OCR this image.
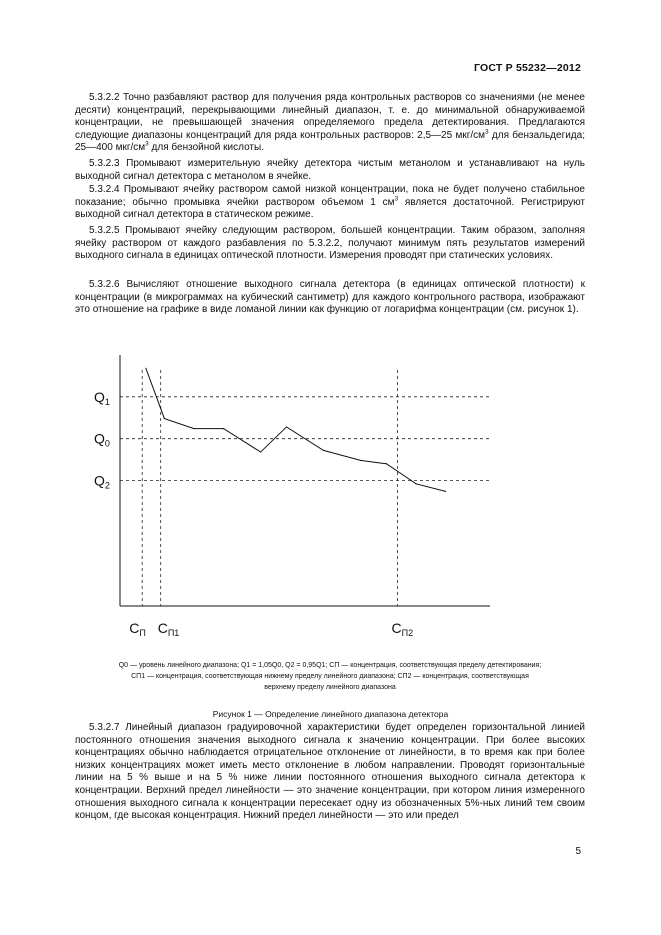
ГОСТ Р 55232—2012

5.3.2.2 Точно разбавляют раствор для получения ряда контрольных растворов со значениями (не менее десяти) концентраций, перекрывающими линейный диапазон, т. е. до минимальной обнаруживаемой концентрации, не превышающей значения определяемого предела детектирования. Предлагаются следующие диапазоны концентраций для ряда контрольных растворов: 2,5—25 мкг/$см^3$ для бензальдегида; 25—400 мкг/$см^3$ для бензойной кислоты.

5.3.2.3 Промывают измерительную ячейку детектора чистым метанолом и устанавливают на нуль выходной сигнал детектора с метанолом в ячейке.

5.3.2.4 Промывают ячейку раствором самой низкой концентрации, пока не будет получено стабильное показание; обычно промывка ячейки раствором объемом 1 $см^3$ является достаточной. Регистрируют выходной сигнал детектора в статическом режиме.

5.3.2.5 Промывают ячейку следующим раствором, большей концентрации. Таким образом, заполняя ячейку раствором от каждого разбавления по 5.3.2.2, получают минимум пять результатов измерений выходного сигнала в единицах оптической плотности. Измерения проводят при статических условиях.

5.3.2.6 Вычисляют отношение выходного сигнала детектора (в единицах оптической плотности) к концентрации (в микрограммах на кубический сантиметр) для каждого контрольного раствора, изображают это отношение на графике в виде ломаной линии как функцию от логарифма концентрации (см. рисунок 1).

$Q_1$
$Q_0$
$Q_2$
$C_П$ $C_{П1}$	$C_{П2}$
Q0 — уровень линейного диапазона; Q1 = 1,05Q0, Q2 = 0,95Q1; CП — концентрация, соответствующая пределу детектирования;
CП1 — концентрация, соответствующая нижнему пределу линейного диапазона; CП2 — концентрация, соответствующая
верхнему пределу линейного диапазона
Рисунок 1 — Определение линейного диапазона детектора

5.3.2.7 Линейный диапазон градуировочной характеристики будет определен горизонтальной линией постоянного отношения значения выходного сигнала к значению концентрации. При более высоких концентрациях обычно наблюдается отрицательное отклонение от линейности, в то время как при более низких концентрациях может иметь место отклонение в любом направлении. Проводят горизонтальные линии на 5 % выше и на 5 % ниже линии постоянного отношения выходного сигнала детектора к концентрации. Верхний предел линейности — это значение концентрации, при котором линия измеренного отношения выходного сигнала к концентрации пересекает одну из обозначенных 5%-ных линий тем своим концом, где высокая концентрация. Нижний предел линейности — это или предел

5
